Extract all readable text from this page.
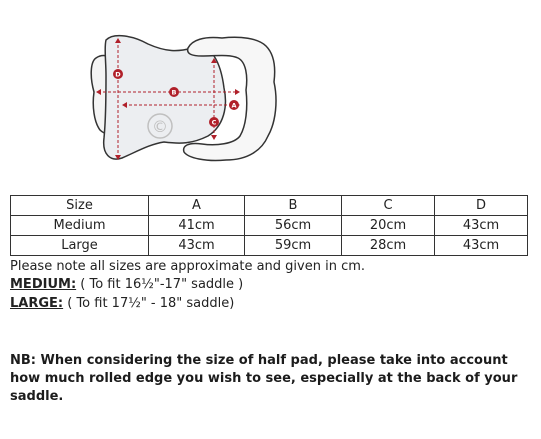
©
B
A
C
D
Size	A	B	C	D
Medium	41cm	56cm	20cm	43cm
Large	43cm	59cm	28cm	43cm
Please note all sizes are approximate and given in cm.
MEDIUM: ( To fit 16½"-17" saddle )
LARGE: ( To fit 17½" - 18" saddle)
NB: When considering the size of half pad, please take into account how much rolled edge you wish to see, especially at the back of your saddle.
